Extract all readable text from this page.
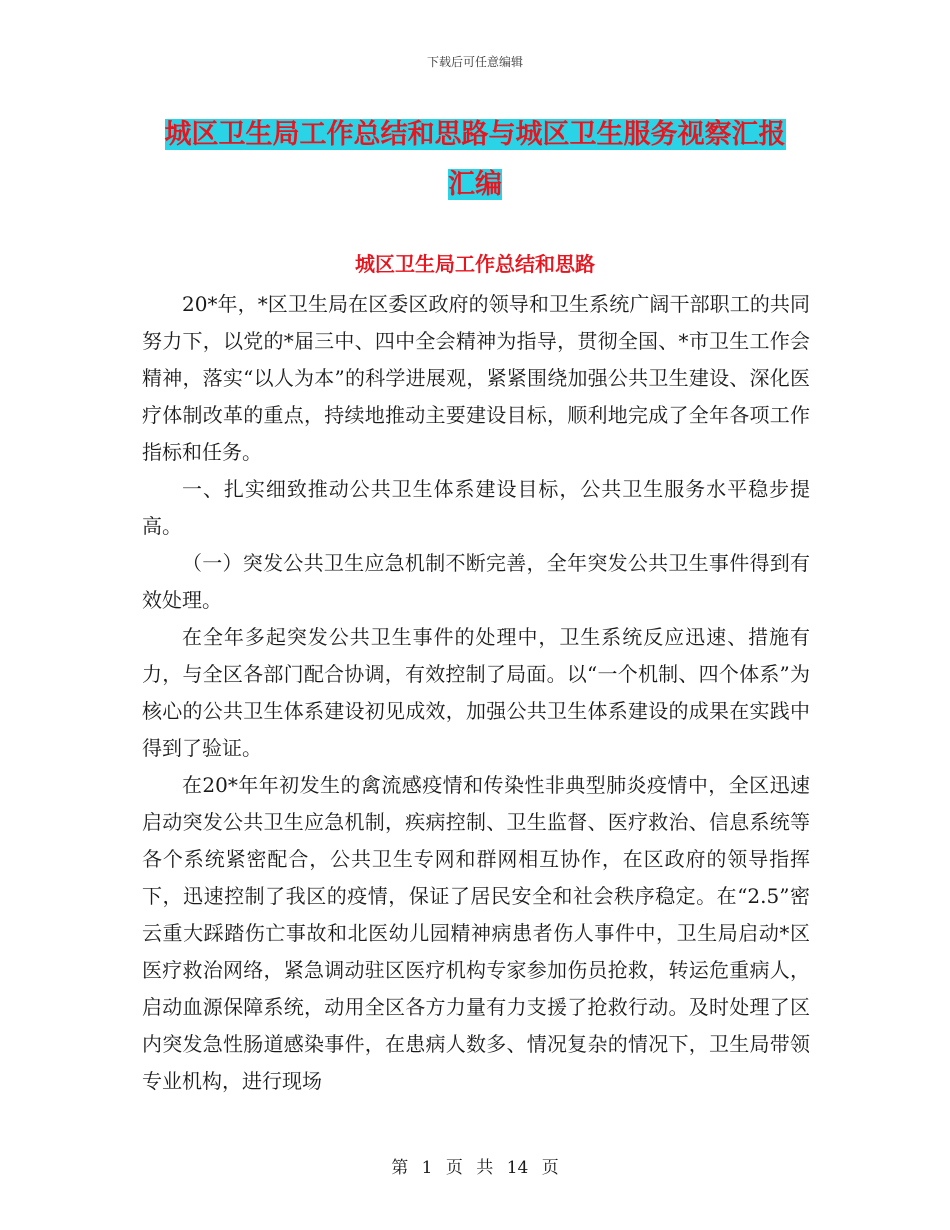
下载后可任意编辑
城区卫生局工作总结和思路与城区卫生服务视察汇报
汇编
城区卫生局工作总结和思路

20*年，*区卫生局在区委区政府的领导和卫生系统广阔干部职工的共同努力下，以党的*届三中、四中全会精神为指导，贯彻全国、*市卫生工作会精神，落实“以人为本”的科学进展观，紧紧围绕加强公共卫生建设、深化医疗体制改革的重点，持续地推动主要建设目标，顺利地完成了全年各项工作指标和任务。

一、扎实细致推动公共卫生体系建设目标，公共卫生服务水平稳步提高。

（一）突发公共卫生应急机制不断完善，全年突发公共卫生事件得到有效处理。

在全年多起突发公共卫生事件的处理中，卫生系统反应迅速、措施有力，与全区各部门配合协调，有效控制了局面。以“一个机制、四个体系”为核心的公共卫生体系建设初见成效，加强公共卫生体系建设的成果在实践中得到了验证。

在20*年年初发生的禽流感疫情和传染性非典型肺炎疫情中，全区迅速启动突发公共卫生应急机制，疾病控制、卫生监督、医疗救治、信息系统等各个系统紧密配合，公共卫生专网和群网相互协作，在区政府的领导指挥下，迅速控制了我区的疫情，保证了居民安全和社会秩序稳定。在“2.5”密云重大踩踏伤亡事故和北医幼儿园精神病患者伤人事件中，卫生局启动*区医疗救治网络，紧急调动驻区医疗机构专家参加伤员抢救，转运危重病人，启动血源保障系统，动用全区各方力量有力支援了抢救行动。及时处理了区内突发急性肠道感染事件，在患病人数多、情况复杂的情况下，卫生局带领专业机构，进行现场

第 1 页 共 14 页
